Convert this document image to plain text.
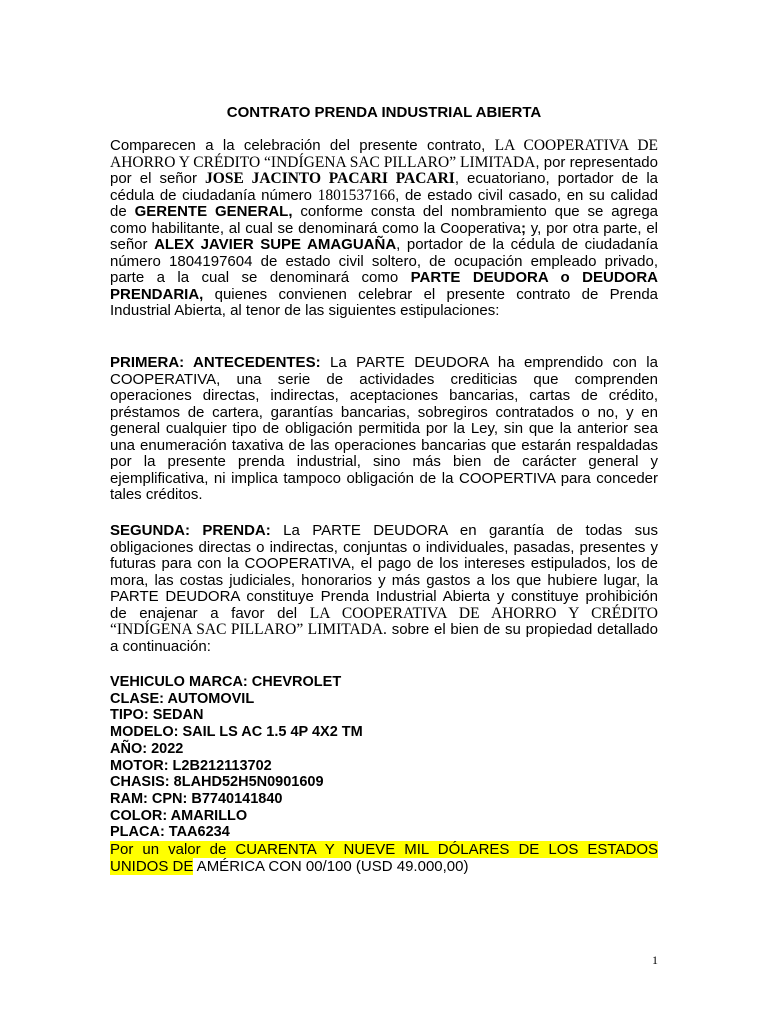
CONTRATO PRENDA INDUSTRIAL ABIERTA
Comparecen a la celebración del presente contrato, LA COOPERATIVA DE AHORRO Y CRÉDITO “INDÍGENA SAC PILLARO” LIMITADA, por representado por el señor JOSE JACINTO PACARI PACARI, ecuatoriano, portador de la cédula de ciudadanía número 1801537166, de estado civil casado, en su calidad de GERENTE GENERAL, conforme consta del nombramiento que se agrega como habilitante, al cual se denominará como la Cooperativa; y, por otra parte, el señor ALEX JAVIER SUPE AMAGUAÑA, portador de la cédula de ciudadanía número 1804197604 de estado civil soltero, de ocupación empleado privado, parte a la cual se denominará como PARTE DEUDORA o DEUDORA PRENDARIA, quienes convienen celebrar el presente contrato de Prenda Industrial Abierta, al tenor de las siguientes estipulaciones:
PRIMERA: ANTECEDENTES: La PARTE DEUDORA ha emprendido con la COOPERATIVA, una serie de actividades crediticias que comprenden operaciones directas, indirectas, aceptaciones bancarias, cartas de crédito, préstamos de cartera, garantías bancarias, sobregiros contratados o no, y en general cualquier tipo de obligación permitida por la Ley, sin que la anterior sea una enumeración taxativa de las operaciones bancarias que estarán respaldadas por la presente prenda industrial, sino más bien de carácter general y ejemplificativa, ni implica tampoco obligación de la COOPERTIVA para conceder tales créditos.
SEGUNDA: PRENDA: La PARTE DEUDORA en garantía de todas sus obligaciones directas o indirectas, conjuntas o individuales, pasadas, presentes y futuras para con la COOPERATIVA, el pago de los intereses estipulados, los de mora, las costas judiciales, honorarios y más gastos a los que hubiere lugar, la PARTE DEUDORA constituye Prenda Industrial Abierta y constituye prohibición de enajenar a favor del LA COOPERATIVA DE AHORRO Y CRÉDITO “INDÍGENA SAC PILLARO” LIMITADA. sobre el bien de su propiedad detallado a continuación:
VEHICULO MARCA: CHEVROLET
CLASE: AUTOMOVIL
TIPO: SEDAN
MODELO: SAIL LS AC 1.5 4P 4X2 TM
AÑO: 2022
MOTOR: L2B212113702
CHASIS: 8LAHD52H5N0901609
RAM: CPN: B7740141840
COLOR: AMARILLO
PLACA: TAA6234
Por un valor de CUARENTA Y NUEVE MIL DÓLARES DE LOS ESTADOS
UNIDOS DE AMÉRICA CON 00/100 (USD 49.000,00)
1
